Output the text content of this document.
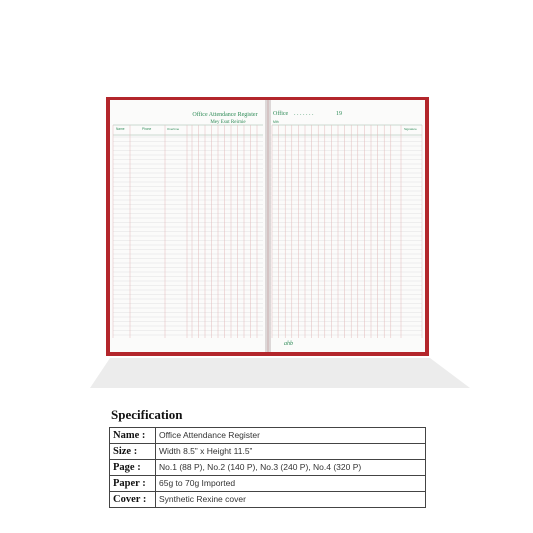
Office Attendance Register
Mey Esut Reirnie
Name	Phone	Overtime
Office . . . . . . .	19
Mth
Signature
ahb
Specification
Name :	Office Attendance Register
Size :	Width 8.5” x Height 11.5”
Page :	No.1 (88 P), No.2 (140 P), No.3 (240 P), No.4 (320 P)
Paper :	65g to 70g Imported
Cover :	Synthetic Rexine cover
